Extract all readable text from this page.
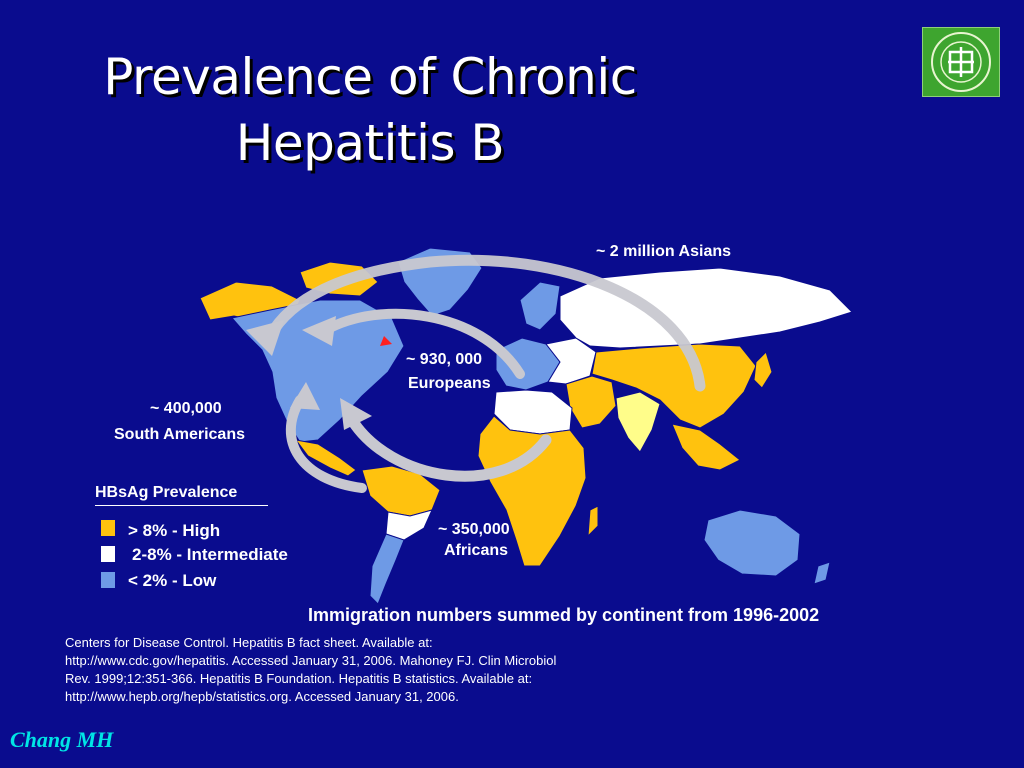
Prevalence of Chronic
Hepatitis B
~ 2 million Asians
~ 930, 000
Europeans
~ 400,000
South Americans
~ 350,000
Africans
HBsAg Prevalence
> 8% - High
2-8% - Intermediate
< 2% - Low
Immigration numbers summed by continent from 1996-2002
Centers for Disease Control. Hepatitis B fact sheet. Available at:
http://www.cdc.gov/hepatitis. Accessed January 31, 2006. Mahoney FJ. Clin Microbiol
Rev. 1999;12:351-366. Hepatitis B Foundation. Hepatitis B statistics. Available at:
http://www.hepb.org/hepb/statistics.org. Accessed January 31, 2006.
Chang MH
